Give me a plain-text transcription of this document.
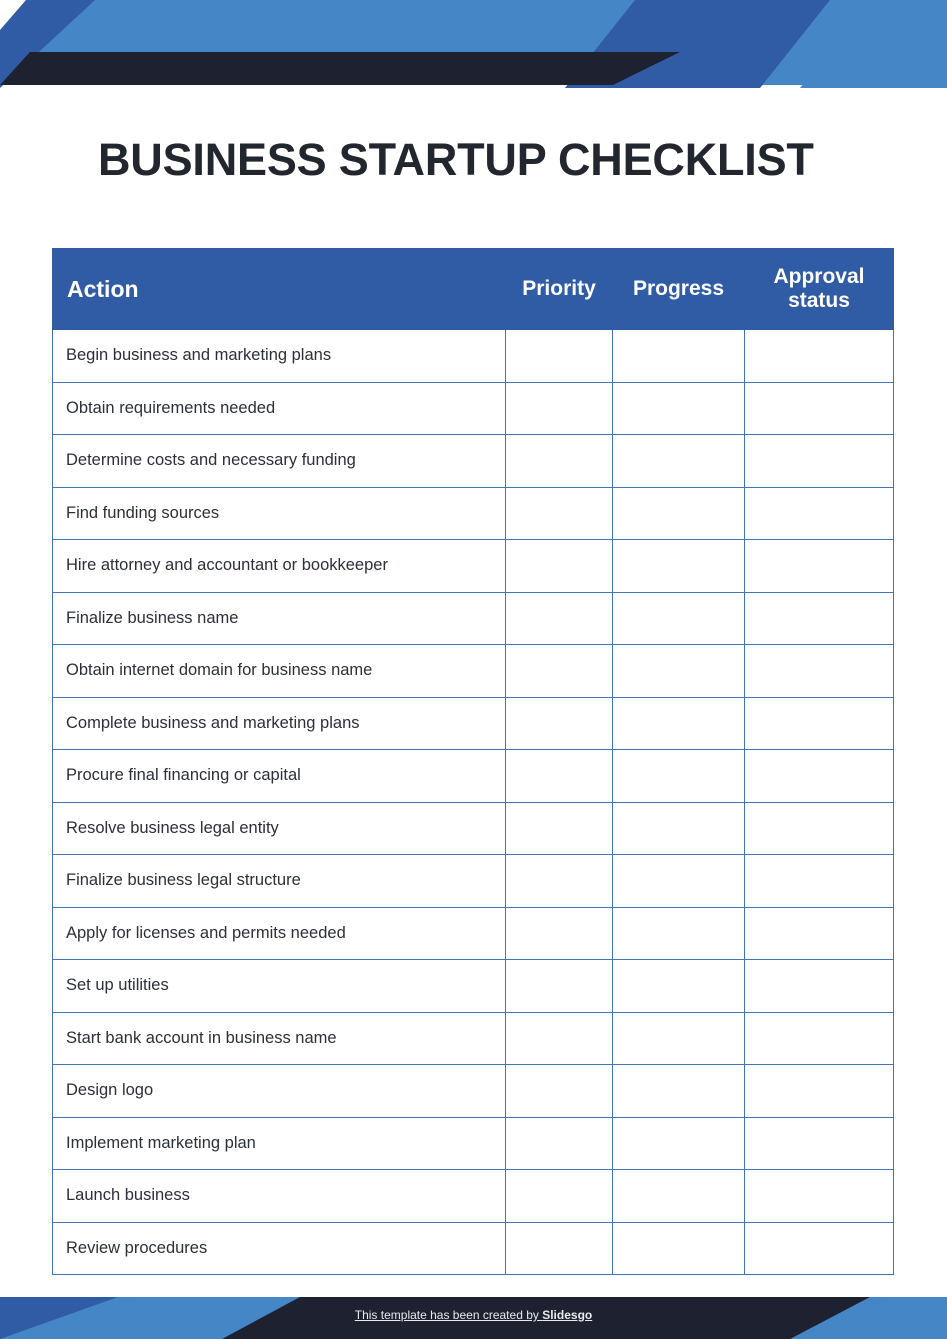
BUSINESS STARTUP CHECKLIST
Action	Priority	Progress	Approval status
Begin business and marketing plans			
Obtain requirements needed			
Determine costs and necessary funding			
Find funding sources			
Hire attorney and accountant or bookkeeper			
Finalize business name			
Obtain internet domain for business name			
Complete business and marketing plans			
Procure final financing or capital			
Resolve business legal entity			
Finalize business legal structure			
Apply for licenses and permits needed			
Set up utilities			
Start bank account in business name			
Design logo			
Implement marketing plan			
Launch business			
Review procedures			
This template has been created by Slidesgo
